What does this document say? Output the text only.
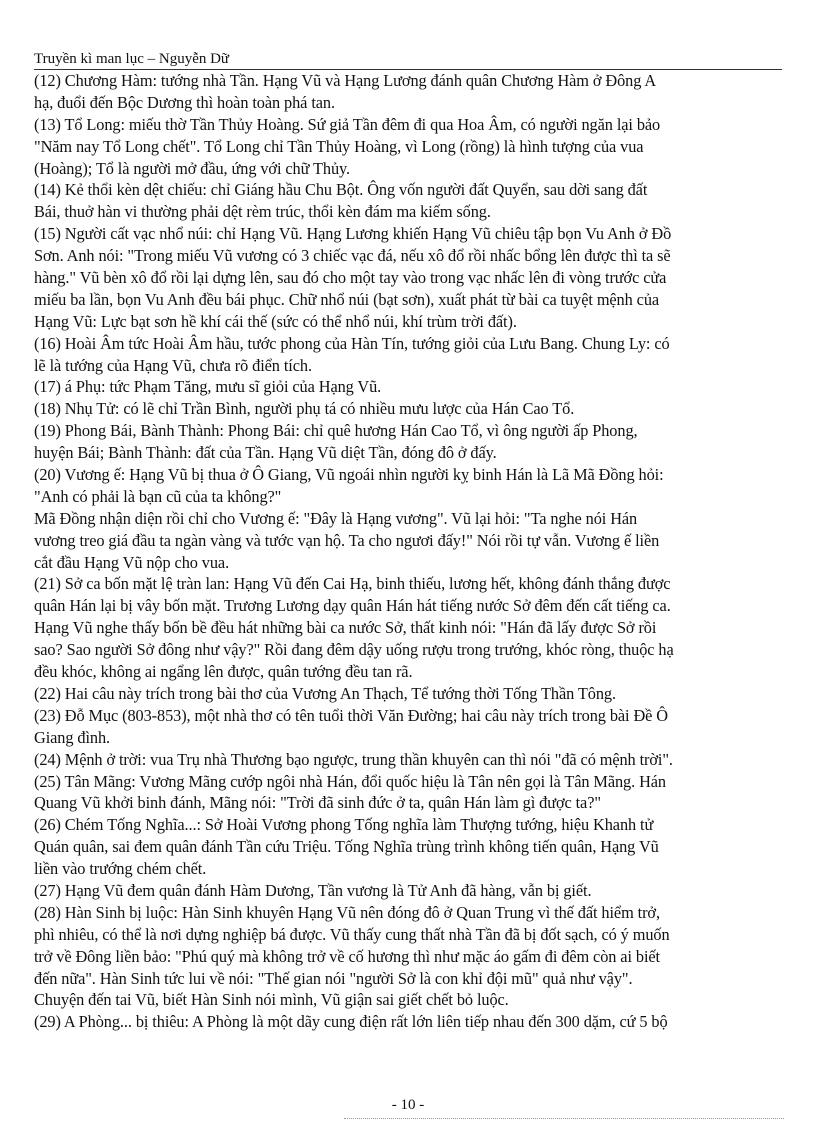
Truyền kì man lục – Nguyễn Dữ
(12) Chương Hàm: tướng nhà Tần. Hạng Vũ và Hạng Lương đánh quân Chương Hàm ở Đông A
hạ, đuổi đến Bộc Dương thì hoàn toàn phá tan.
(13) Tổ Long: miếu thờ Tần Thủy Hoàng. Sứ giả Tần đêm đi qua Hoa Âm, có người ngăn lại bảo
"Năm nay Tổ Long chết". Tổ Long chỉ Tần Thủy Hoàng, vì Long (rồng) là hình tượng của vua
(Hoàng); Tổ là người mở đầu, ứng với chữ Thủy.
(14) Kẻ thổi kèn dệt chiếu: chỉ Giáng hầu Chu Bột. Ông vốn người đất Quyển, sau dời sang đất
Bái, thuở hàn vi thường phải dệt rèm trúc, thổi kèn đám ma kiếm sống.
(15) Người cất vạc nhổ núi: chỉ Hạng Vũ. Hạng Lương khiến Hạng Vũ chiêu tập bọn Vu Anh ở Đồ
Sơn. Anh nói: "Trong miếu Vũ vương có 3 chiếc vạc đá, nếu xô đổ rồi nhấc bổng lên được thì ta sẽ
hàng." Vũ bèn xô đổ rồi lại dựng lên, sau đó cho một tay vào trong vạc nhấc lên đi vòng trước cửa
miếu ba lần, bọn Vu Anh đều bái phục. Chữ nhổ núi (bạt sơn), xuất phát từ bài ca tuyệt mệnh của
Hạng Vũ: Lực bạt sơn hề khí cái thế (sức có thể nhổ núi, khí trùm trời đất).
(16) Hoài Âm tức Hoài Âm hầu, tước phong của Hàn Tín, tướng giỏi của Lưu Bang. Chung Ly: có
lẽ là tướng của Hạng Vũ, chưa rõ điển tích.
(17) á Phụ: tức Phạm Tăng, mưu sĩ giỏi của Hạng Vũ.
(18) Nhụ Tử: có lẽ chỉ Trần Bình, người phụ tá có nhiều mưu lược của Hán Cao Tổ.
(19) Phong Bái, Bành Thành: Phong Bái: chỉ quê hương Hán Cao Tổ, vì ông người ấp Phong,
huyện Bái; Bành Thành: đất của Tần. Hạng Vũ diệt Tần, đóng đô ở đấy.
(20) Vương ế: Hạng Vũ bị thua ở Ô Giang, Vũ ngoái nhìn người kỵ binh Hán là Lã Mã Đồng hỏi:
"Anh có phải là bạn cũ của ta không?"
Mã Đồng nhận diện rồi chỉ cho Vương ế: "Đây là Hạng vương". Vũ lại hỏi: "Ta nghe nói Hán
vương treo giá đầu ta ngàn vàng và tước vạn hộ. Ta cho ngươi đấy!" Nói rồi tự vẫn. Vương ế liền
cắt đầu Hạng Vũ nộp cho vua.
(21) Sở ca bốn mặt lệ tràn lan: Hạng Vũ đến Cai Hạ, binh thiếu, lương hết, không đánh thắng được
quân Hán lại bị vây bốn mặt. Trương Lương dạy quân Hán hát tiếng nước Sở đêm đến cất tiếng ca.
Hạng Vũ nghe thấy bốn bề đều hát những bài ca nước Sở, thất kinh nói: "Hán đã lấy được Sở rồi
sao? Sao người Sở đông như vậy?" Rồi đang đêm dậy uống rượu trong trướng, khóc ròng, thuộc hạ
đều khóc, không ai ngẩng lên được, quân tướng đều tan rã.
(22) Hai câu này trích trong bài thơ của Vương An Thạch, Tể tướng thời Tống Thần Tông.
(23) Đỗ Mục (803-853), một nhà thơ có tên tuổi thời Văn Đường; hai câu này trích trong bài Đề Ô
Giang đình.
(24) Mệnh ở trời: vua Trụ nhà Thương bạo ngược, trung thần khuyên can thì nói "đã có mệnh trời".
(25) Tân Mãng: Vương Mãng cướp ngôi nhà Hán, đổi quốc hiệu là Tân nên gọi là Tân Mãng. Hán
Quang Vũ khởi binh đánh, Mãng nói: "Trời đã sinh đức ở ta, quân Hán làm gì được ta?"
(26) Chém Tống Nghĩa...: Sở Hoài Vương phong Tống nghĩa làm Thượng tướng, hiệu Khanh tử
Quán quân, sai đem quân đánh Tần cứu Triệu. Tống Nghĩa trùng trình không tiến quân, Hạng Vũ
liền vào trướng chém chết.
(27) Hạng Vũ đem quân đánh Hàm Dương, Tần vương là Tử Anh đã hàng, vẫn bị giết.
(28) Hàn Sinh bị luộc: Hàn Sinh khuyên Hạng Vũ nên đóng đô ở Quan Trung vì thế đất hiểm trở,
phì nhiêu, có thể là nơi dựng nghiệp bá được. Vũ thấy cung thất nhà Tần đã bị đốt sạch, có ý muốn
trở về Đông liền bảo: "Phú quý mà không trở về cố hương thì như mặc áo gấm đi đêm còn ai biết
đến nữa". Hàn Sinh tức lui về nói: "Thế gian nói "người Sở là con khỉ đội mũ" quả như vậy".
Chuyện đến tai Vũ, biết Hàn Sinh nói mình, Vũ giận sai giết chết bỏ luộc.
(29) A Phòng... bị thiêu: A Phòng là một dãy cung điện rất lớn liên tiếp nhau đến 300 dặm, cứ 5 bộ
- 10 -
